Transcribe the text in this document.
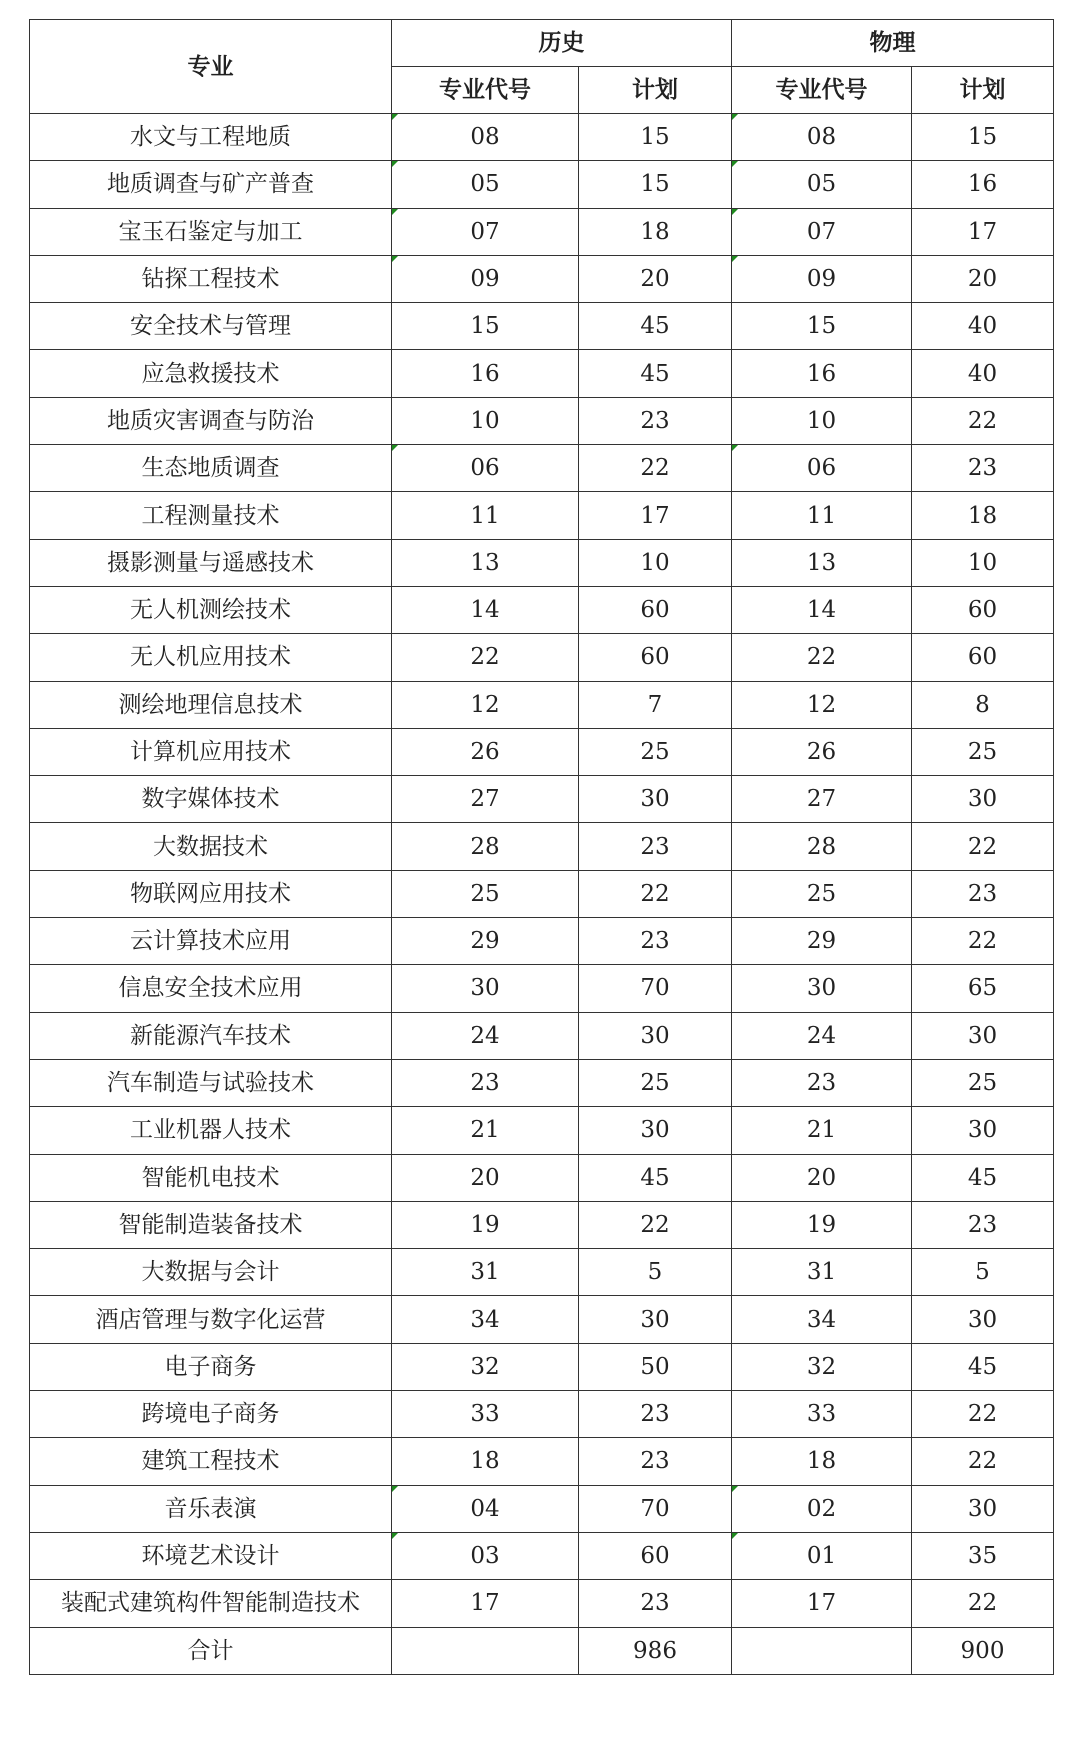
专业	历史		物理	
	专业代号	计划	专业代号	计划
水文与工程地质	08	15	08	15
地质调查与矿产普查	05	15	05	16
宝玉石鉴定与加工	07	18	07	17
钻探工程技术	09	20	09	20
安全技术与管理	15	45	15	40
应急救援技术	16	45	16	40
地质灾害调查与防治	10	23	10	22
生态地质调查	06	22	06	23
工程测量技术	11	17	11	18
摄影测量与遥感技术	13	10	13	10
无人机测绘技术	14	60	14	60
无人机应用技术	22	60	22	60
测绘地理信息技术	12	7	12	8
计算机应用技术	26	25	26	25
数字媒体技术	27	30	27	30
大数据技术	28	23	28	22
物联网应用技术	25	22	25	23
云计算技术应用	29	23	29	22
信息安全技术应用	30	70	30	65
新能源汽车技术	24	30	24	30
汽车制造与试验技术	23	25	23	25
工业机器人技术	21	30	21	30
智能机电技术	20	45	20	45
智能制造装备技术	19	22	19	23
大数据与会计	31	5	31	5
酒店管理与数字化运营	34	30	34	30
电子商务	32	50	32	45
跨境电子商务	33	23	33	22
建筑工程技术	18	23	18	22
音乐表演	04	70	02	30
环境艺术设计	03	60	01	35
装配式建筑构件智能制造技术	17	23	17	22
合计		986		900
